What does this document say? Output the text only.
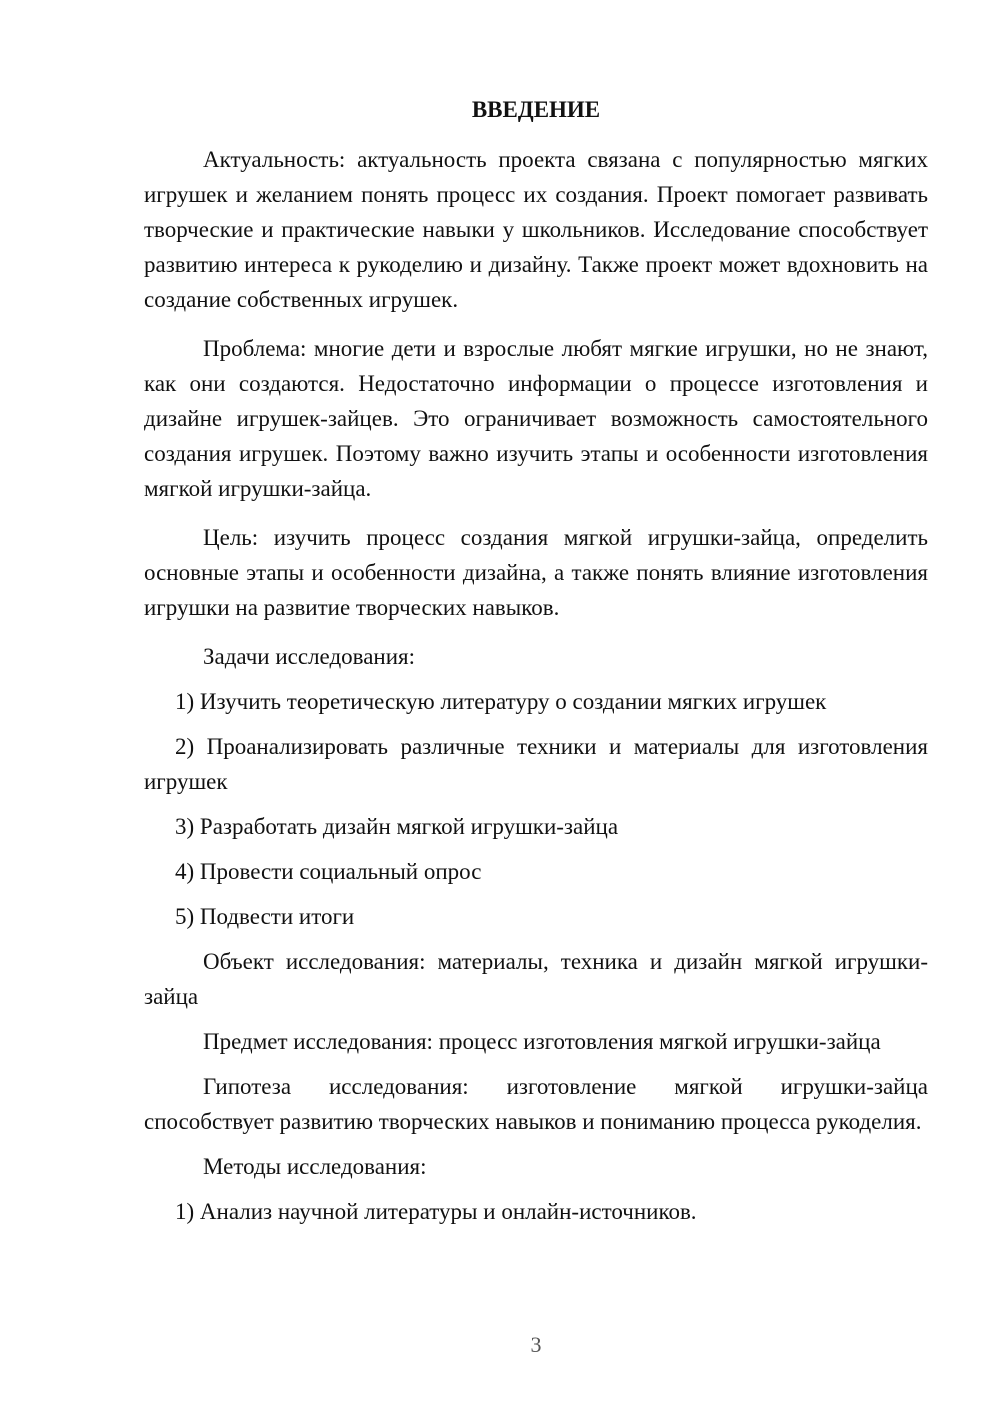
ВВЕДЕНИЕ

Актуальность: актуальность проекта связана с популярностью мягких игрушек и желанием понять процесс их создания. Проект помогает развивать творческие и практические навыки у школьников. Исследование способствует развитию интереса к рукоделию и дизайну. Также проект может вдохновить на создание собственных игрушек.

Проблема: многие дети и взрослые любят мягкие игрушки, но не знают, как они создаются. Недостаточно информации о процессе изготовления и дизайне игрушек-зайцев. Это ограничивает возможность самостоятельного создания игрушек. Поэтому важно изучить этапы и особенности изготовления мягкой игрушки-зайца.

Цель: изучить процесс создания мягкой игрушки-зайца, определить основные этапы и особенности дизайна, а также понять влияние изготовления игрушки на развитие творческих навыков.

Задачи исследования:

1) Изучить теоретическую литературу о создании мягких игрушек

2) Проанализировать различные техники и материалы для изготовления игрушек

3) Разработать дизайн мягкой игрушки-зайца

4) Провести социальный опрос

5) Подвести итоги

Объект исследования: материалы, техника и дизайн мягкой игрушки-зайца

Предмет исследования: процесс изготовления мягкой игрушки-зайца

Гипотеза исследования: изготовление мягкой игрушки-зайца способствует развитию творческих навыков и пониманию процесса рукоделия.

Методы исследования:

1) Анализ научной литературы и онлайн-источников.

3
